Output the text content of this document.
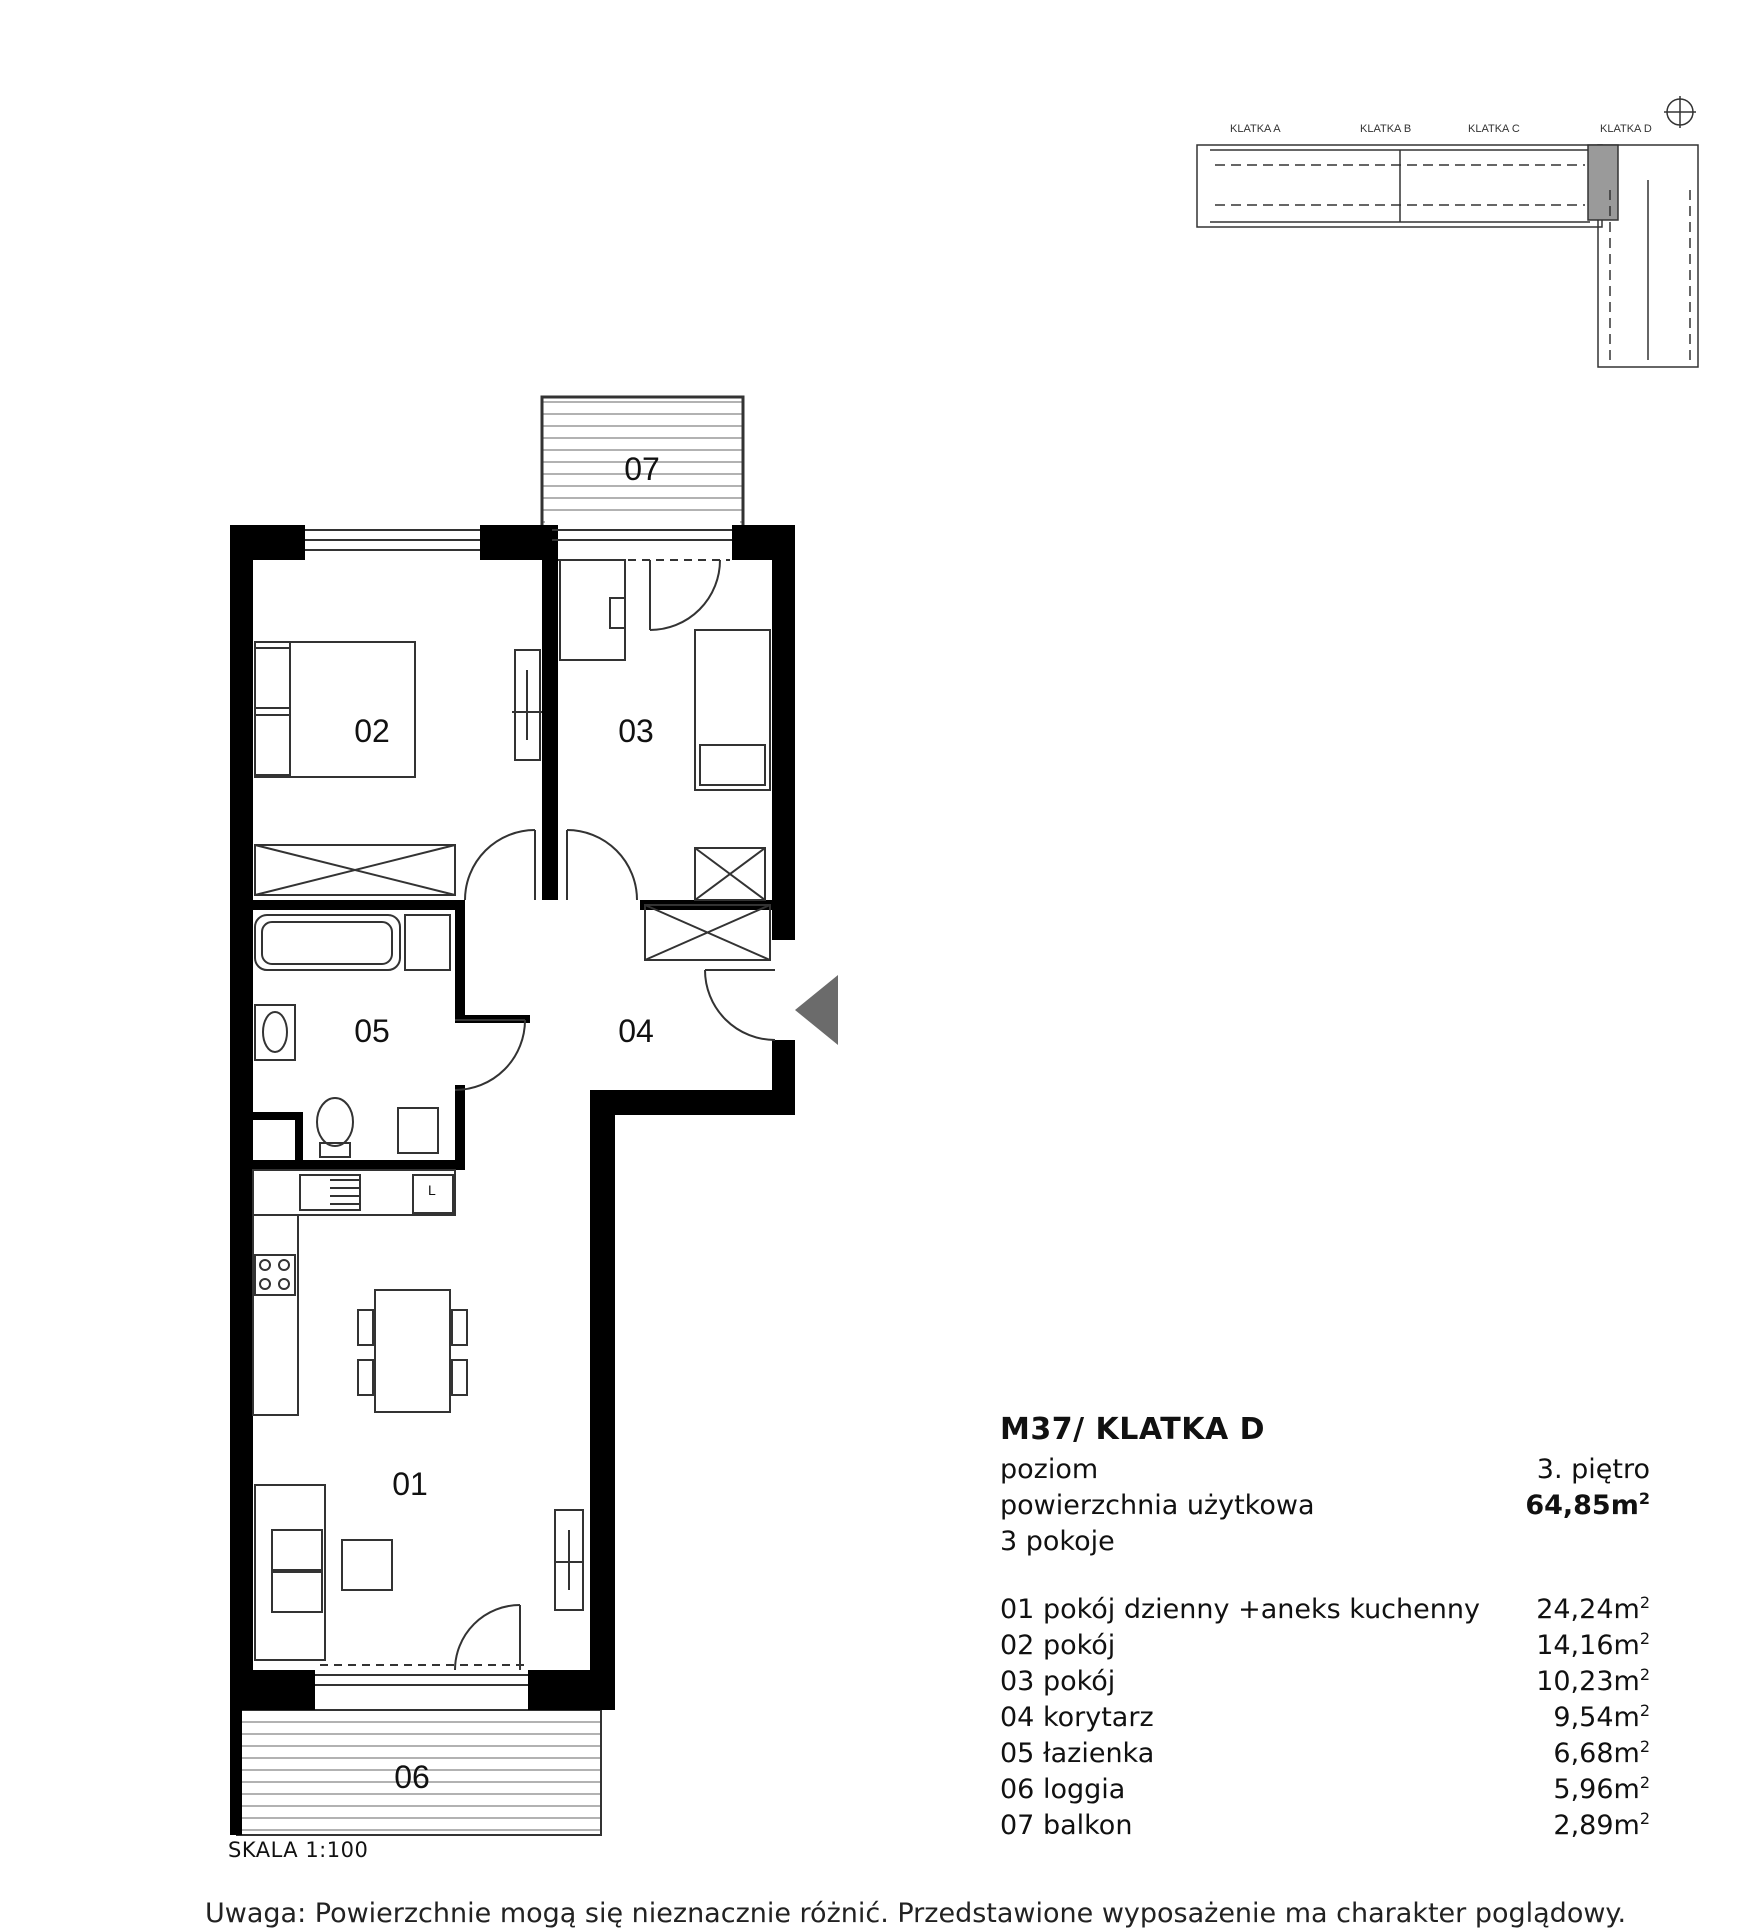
07
02	03
05	04
01
06
L
KLATKA A	KLATKA B	KLATKA C	KLATKA D
M37/ KLATKA D
poziom	3. piętro
powierzchnia użytkowa	$64,85m^2$
3 pokoje
01 pokój dzienny +aneks kuchenny $24,24m^2$
02 pokój	$14,16m^2$
03 pokój	$10,23m^2$
04 korytarz	$9,54m^2$
05 łazienka	$6,68m^2$
06 loggia	$5,96m^2$
07 balkon	$2,89m^2$
SKALA 1:100
Uwaga: Powierzchnie mogą się nieznacznie różnić. Przedstawione wyposażenie ma charakter poglądowy.
